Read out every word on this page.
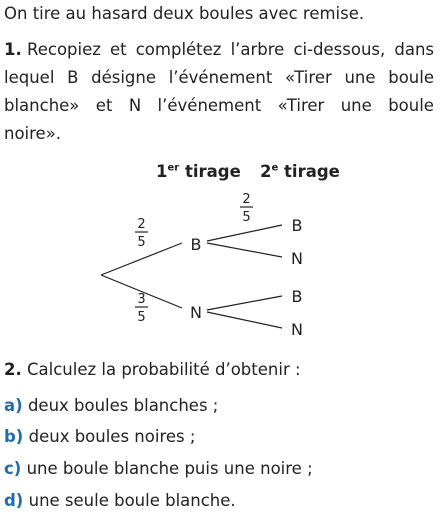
On tire au hasard deux boules avec remise.
1. Recopiez et complétez l’arbre ci-dessous, dans
lequel B désigne l’événement «Tirer une boule
blanche» et N l’événement «Tirer une boule
noire».
1er tirage 2e tirage
B
N
B
N
B
N
2
5
3
5
2
5
2. Calculez la probabilité d’obtenir :
a) deux boules blanches ;
b) deux boules noires ;
c) une boule blanche puis une noire ;
d) une seule boule blanche.
